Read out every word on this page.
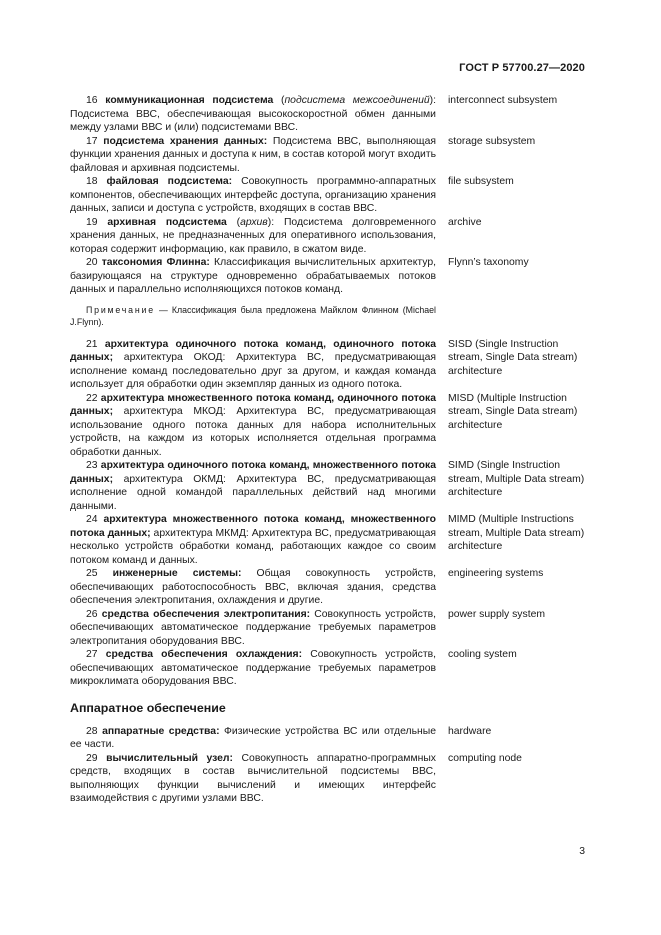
ГОСТ Р 57700.27—2020
16 коммуникационная подсистема (подсистема межсоединений): Подсистема ВВС, обеспечивающая высокоскоростной обмен данными между узлами ВВС и (или) подсистемами ВВС.
interconnect subsystem
17 подсистема хранения данных: Подсистема ВВС, выполняющая функции хранения данных и доступа к ним, в состав которой могут входить файловая и архивная подсистемы.
storage subsystem
18 файловая подсистема: Совокупность программно-аппаратных компонентов, обеспечивающих интерфейс доступа, организацию хранения данных, записи и доступа с устройств, входящих в состав ВВС.
file subsystem
19 архивная подсистема (архив): Подсистема долговременного хранения данных, не предназначенных для оперативного использования, которая содержит информацию, как правило, в сжатом виде.
archive
20 таксономия Флинна: Классификация вычислительных архитектур, базирующаяся на структуре одновременно обрабатываемых потоков данных и параллельно исполняющихся потоков команд.
Flynn’s taxonomy
Примечание — Классификация была предложена Майклом Флинном (Michael J.Flynn).
21 архитектура одиночного потока команд, одиночного потока данных; архитектура ОКОД: Архитектура ВС, предусматривающая исполнение команд последовательно друг за другом, и каждая команда использует для обработки один экземпляр данных из одного потока.
SISD (Single Instruction stream, Single Data stream) architecture
22 архитектура множественного потока команд, одиночного потока данных; архитектура МКОД: Архитектура ВС, предусматривающая использование одного потока данных для набора исполнительных устройств, на каждом из которых исполняется отдельная программа обработки данных.
MISD (Multiple Instruction stream, Single Data stream) architecture
23 архитектура одиночного потока команд, множественного потока данных; архитектура ОКМД: Архитектура ВС, предусматривающая исполнение одной командой параллельных действий над многими данными.
SIMD (Single Instruction stream, Multiple Data stream) architecture
24 архитектура множественного потока команд, множественного потока данных; архитектура МКМД: Архитектура ВС, предусматривающая несколько устройств обработки команд, работающих каждое со своим потоком команд и данных.
MIMD (Multiple Instructions stream, Multiple Data stream) architecture
25 инженерные системы: Общая совокупность устройств, обеспечивающих работоспособность ВВС, включая здания, средства обеспечения электропитания, охлаждения и другие.
engineering systems
26 средства обеспечения электропитания: Совокупность устройств, обеспечивающих автоматическое поддержание требуемых параметров электропитания оборудования ВВС.
power supply system
27 средства обеспечения охлаждения: Совокупность устройств, обеспечивающих автоматическое поддержание требуемых параметров микроклимата оборудования ВВС.
cooling system
Аппаратное обеспечение
28 аппаратные средства: Физические устройства ВС или отдельные ее части.
hardware
29 вычислительный узел: Совокупность аппаратно-программных средств, входящих в состав вычислительной подсистемы ВВС, выполняющих функции вычислений и имеющих интерфейс взаимодействия с другими узлами ВВС.
computing node
3
